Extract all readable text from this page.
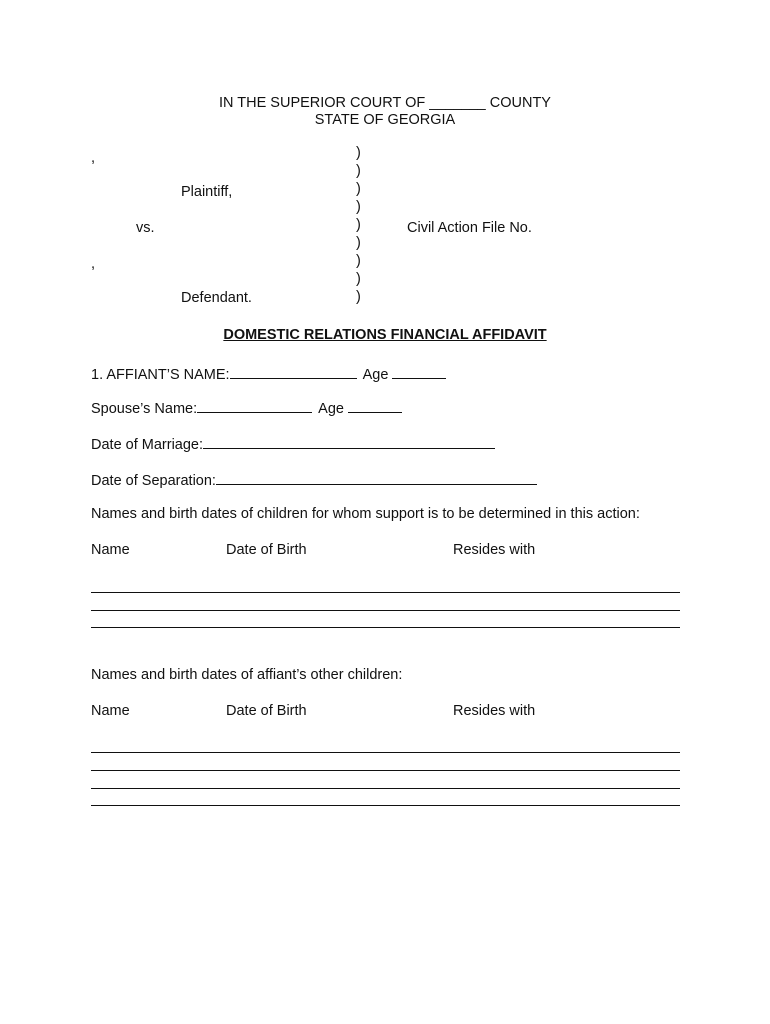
IN THE SUPERIOR COURT OF _______ COUNTY
STATE OF GEORGIA
,
Plaintiff,
vs.
,
Defendant.
)
)
)
)
)
)
)
)
)
Civil Action File No.
DOMESTIC RELATIONS FINANCIAL AFFIDAVIT
1. AFFIANT’S NAME:	Age
Spouse’s Name:	Age
Date of Marriage:
Date of Separation:
Names and birth dates of children for whom support is to be determined in this action:
Name	Date of Birth	Resides with
Names and birth dates of affiant’s other children:
Name	Date of Birth	Resides with
